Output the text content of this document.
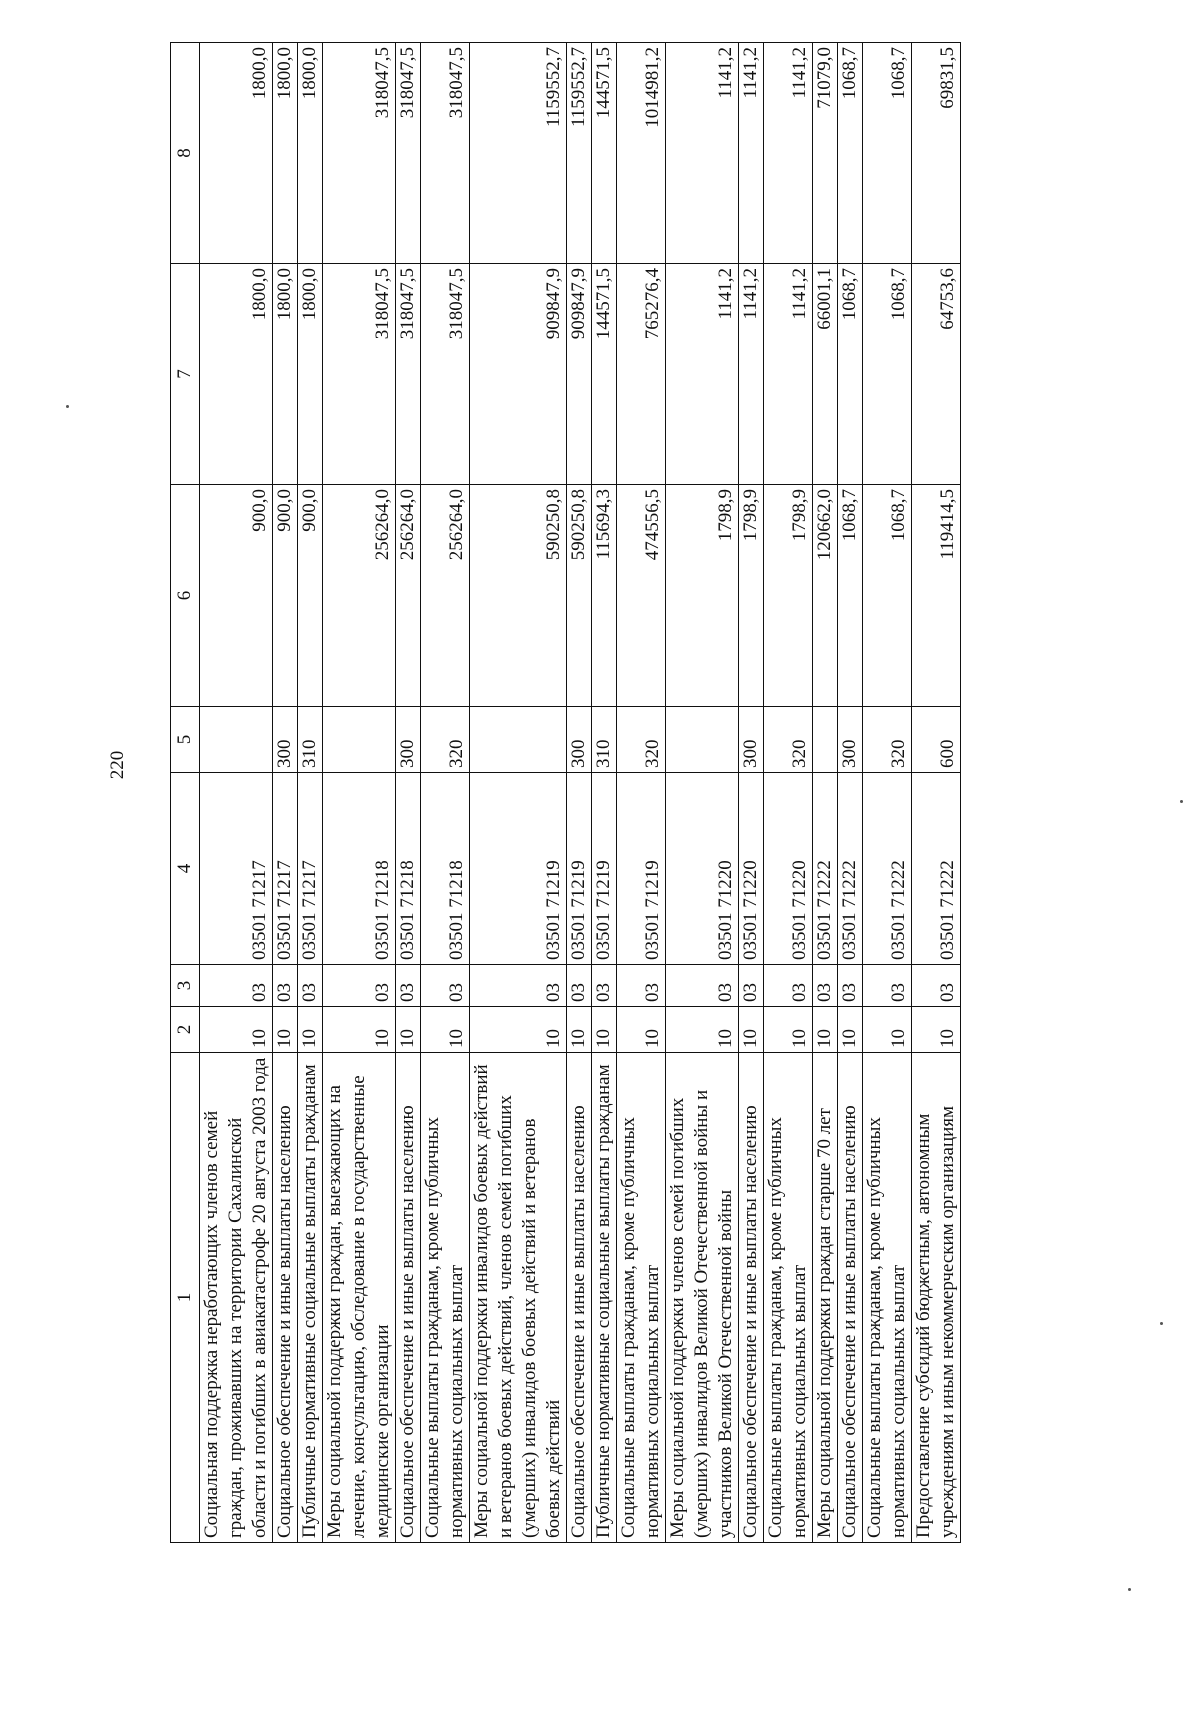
220
1	2	3	4	5	6	7	8
Социальная поддержка неработающих членов семей граждан, проживавших на территории Сахалинской области и погибших в авиакатастрофе 20 августа 2003 года	10	03	03501 71217		900,0	1800,0	1800,0
Социальное обеспечение и иные выплаты населению	10	03	03501 71217	300	900,0	1800,0	1800,0
Публичные нормативные социальные выплаты гражданам	10	03	03501 71217	310	900,0	1800,0	1800,0
Меры социальной поддержки граждан, выезжающих на лечение, консультацию, обследование в государственные медицинские организации	10	03	03501 71218		256264,0	318047,5	318047,5
Социальное обеспечение и иные выплаты населению	10	03	03501 71218	300	256264,0	318047,5	318047,5
Социальные выплаты гражданам, кроме публичных нормативных социальных выплат	10	03	03501 71218	320	256264,0	318047,5	318047,5
Меры социальной поддержки инвалидов боевых действий и ветеранов боевых действий, членов семей погибших (умерших) инвалидов боевых действий и ветеранов боевых действий	10	03	03501 71219		590250,8	909847,9	1159552,7
Социальное обеспечение и иные выплаты населению	10	03	03501 71219	300	590250,8	909847,9	1159552,7
Публичные нормативные социальные выплаты гражданам	10	03	03501 71219	310	115694,3	144571,5	144571,5
Социальные выплаты гражданам, кроме публичных нормативных социальных выплат	10	03	03501 71219	320	474556,5	765276,4	1014981,2
Меры социальной поддержки членов семей погибших (умерших) инвалидов Великой Отечественной войны и участников Великой Отечественной войны	10	03	03501 71220		1798,9	1141,2	1141,2
Социальное обеспечение и иные выплаты населению	10	03	03501 71220	300	1798,9	1141,2	1141,2
Социальные выплаты гражданам, кроме публичных нормативных социальных выплат	10	03	03501 71220	320	1798,9	1141,2	1141,2
Меры социальной поддержки граждан старше 70 лет	10	03	03501 71222		120662,0	66001,1	71079,0
Социальное обеспечение и иные выплаты населению	10	03	03501 71222	300	1068,7	1068,7	1068,7
Социальные выплаты гражданам, кроме публичных нормативных социальных выплат	10	03	03501 71222	320	1068,7	1068,7	1068,7
Предоставление субсидий бюджетным, автономным учреждениям и иным некоммерческим организациям	10	03	03501 71222	600	119414,5	64753,6	69831,5
